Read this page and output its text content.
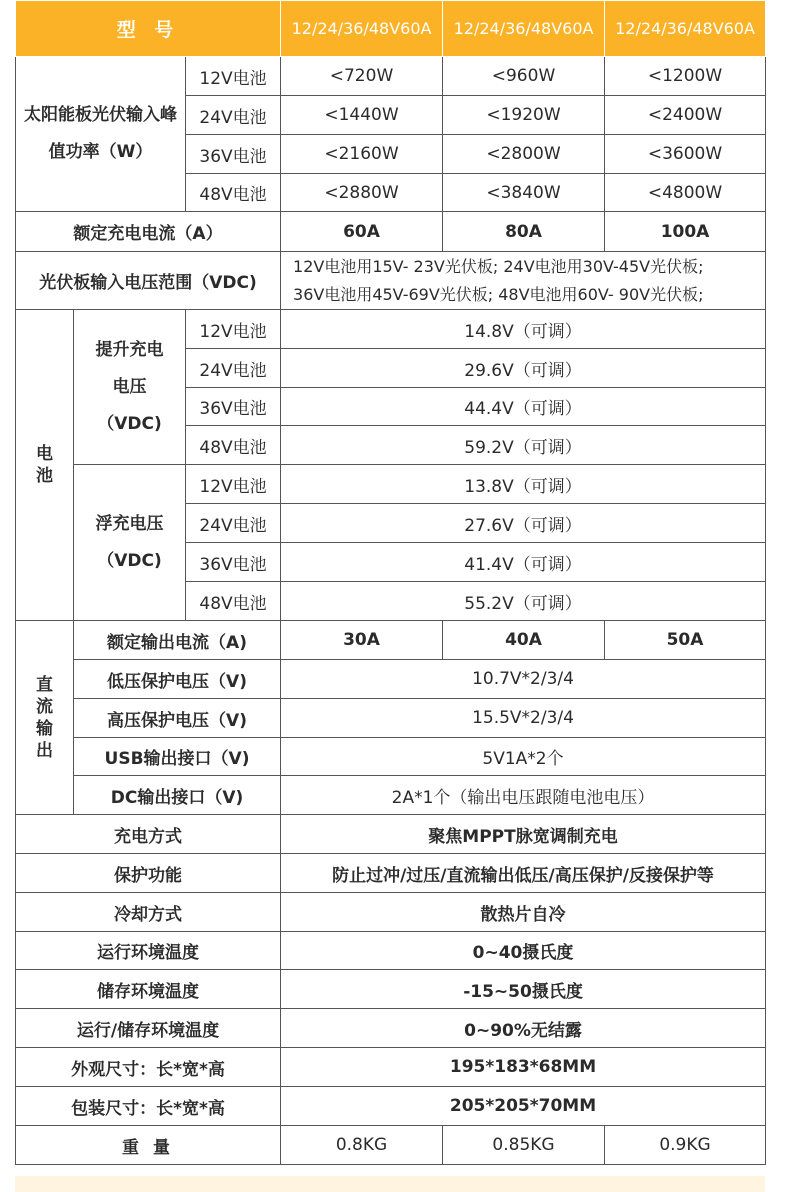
型 号			12/24/36/48V60A	12/24/36/48V60A	12/24/36/48V60A
太阳能板光伏输入峰值功率（W）		12V电池	<720W	<960W	<1200W
		24V电池	<1440W	<1920W	<2400W
		36V电池	<2160W	<2800W	<3600W
		48V电池	<2880W	<3840W	<4800W
额定充电电流（A）			60A	80A	100A
光伏板输入电压范围（VDC)			12V电池用15V- 23V光伏板; 24V电池用30V-45V光伏板;
36V电池用45V-69V光伏板; 48V电池用60V- 90V光伏板;		

电池	提升充电电压（VDC)	12V电池	14.8V（可调）		
		24V电池	29.6V（可调）		
		36V电池	44.4V（可调）		
		48V电池	59.2V（可调）		
	浮充电压（VDC)	12V电池	13.8V（可调）		
		24V电池	27.6V（可调）		
		36V电池	41.4V（可调）		
		48V电池	55.2V（可调）		
直流输出	额定输出电流（A)		30A	40A	50A
	低压保护电压（V)		10.7V*2/3/4		
	高压保护电压（V)		15.5V*2/3/4		
	USB输出接口（V)		5V1A*2个		
	DC输出接口（V)		2A*1个（输出电压跟随电池电压）		
充电方式			聚焦MPPT脉宽调制充电		
保护功能			防止过冲/过压/直流输出低压/高压保护/反接保护等		
冷却方式			散热片自冷		
运行环境温度			0~40摄氏度		
储存环境温度			-15~50摄氏度		
运行/储存环境温度			0~90%无结露		
外观尺寸：长*宽*高			195*183*68MM		
包装尺寸：长*宽*高			205*205*70MM		
重 量			0.8KG	0.85KG	0.9KG
